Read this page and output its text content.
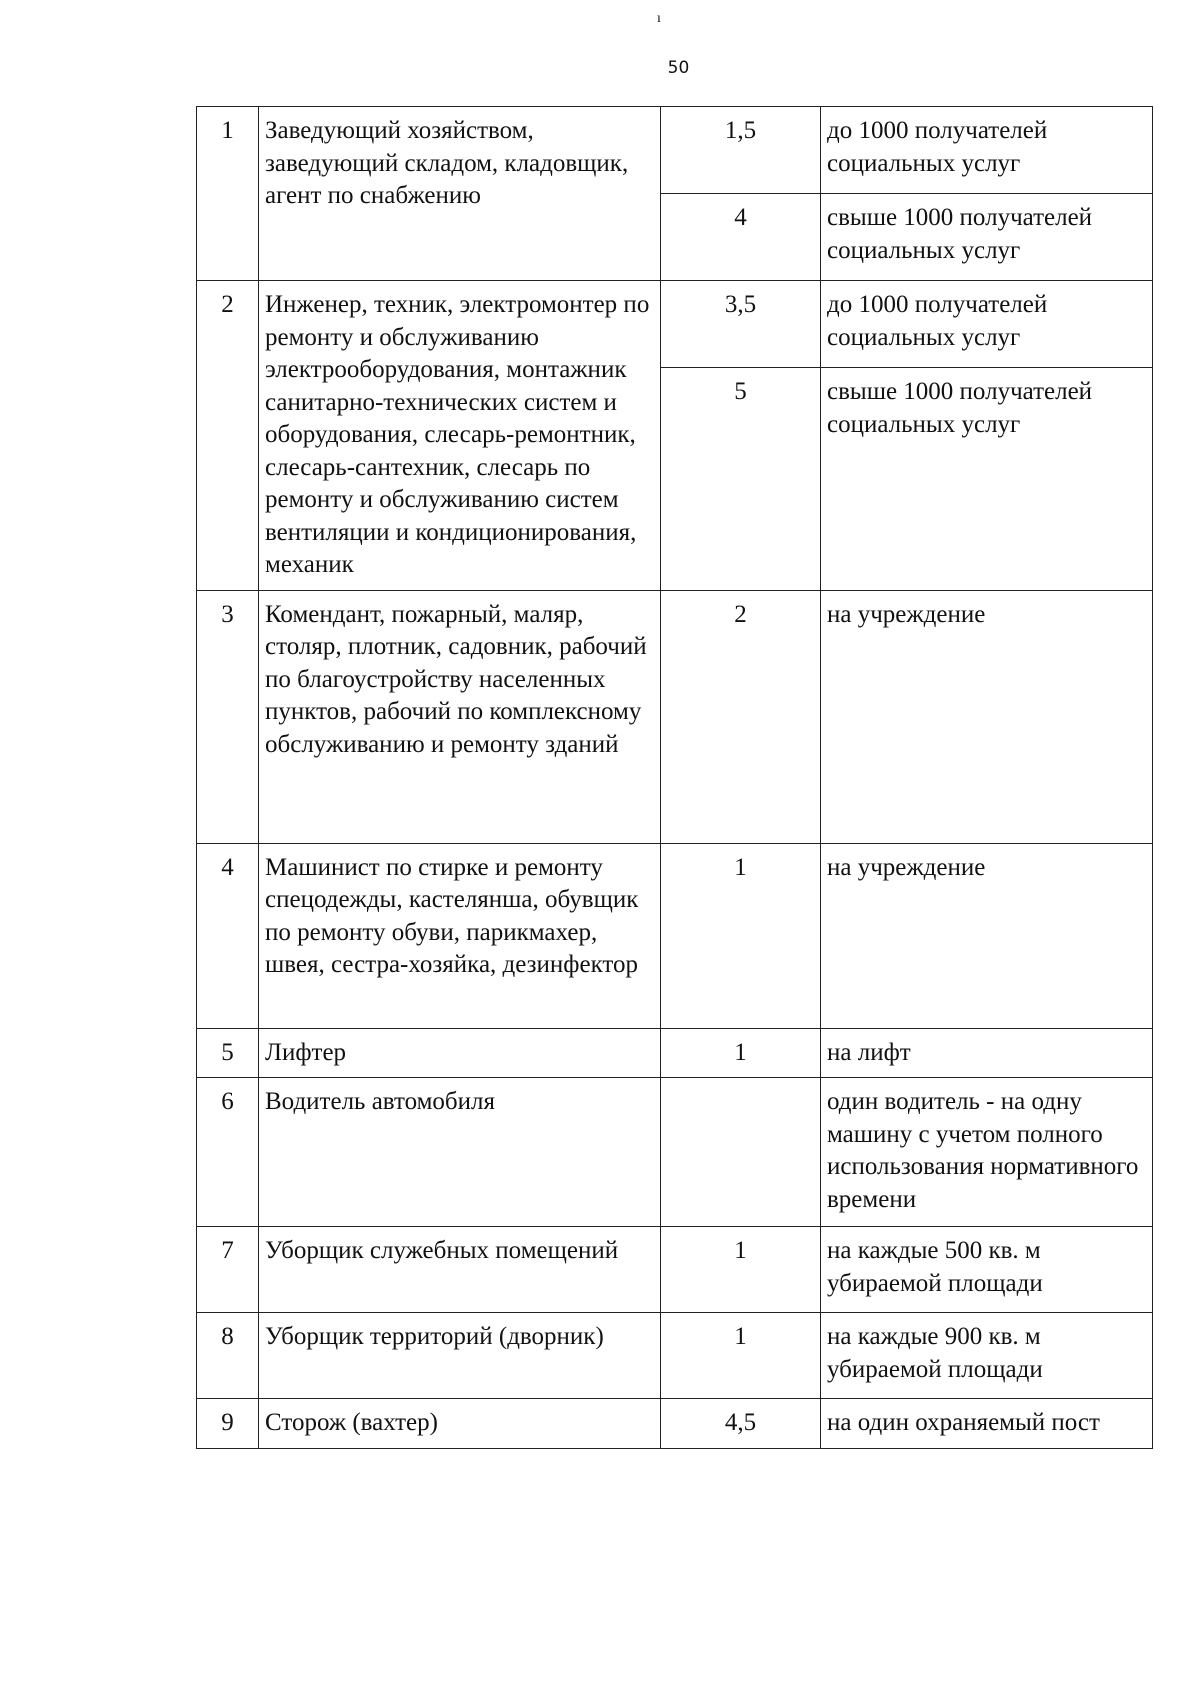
ı
50
1	Заведующий хозяйством, заведующий складом, кладовщик, агент по снабжению	1,5	до 1000 получателей социальных услуг
		4	свыше 1000 получателей социальных услуг
2	Инженер, техник, электромонтер по ремонту и обслуживанию электрооборудования, монтажник санитарно-технических систем и оборудования, слесарь-ремонтник, слесарь-сантехник, слесарь по ремонту и обслуживанию систем вентиляции и кондиционирования, механик	3,5	до 1000 получателей социальных услуг
		5	свыше 1000 получателей социальных услуг
3	Комендант, пожарный, маляр, столяр, плотник, садовник, рабочий по благоустройству населенных пунктов, рабочий по комплексному обслуживанию и ремонту зданий	2	на учреждение
4	Машинист по стирке и ремонту спецодежды, кастелянша, обувщик по ремонту обуви, парикмахер, швея, сестра-хозяйка, дезинфектор	1	на учреждение
5	Лифтер	1	на лифт
6	Водитель автомобиля		один водитель - на одну машину с учетом полного использования нормативного времени
7	Уборщик служебных помещений	1	на каждые 500 кв. м убираемой площади
8	Уборщик территорий (дворник)	1	на каждые 900 кв. м убираемой площади
9	Сторож (вахтер)	4,5	на один охраняемый пост
